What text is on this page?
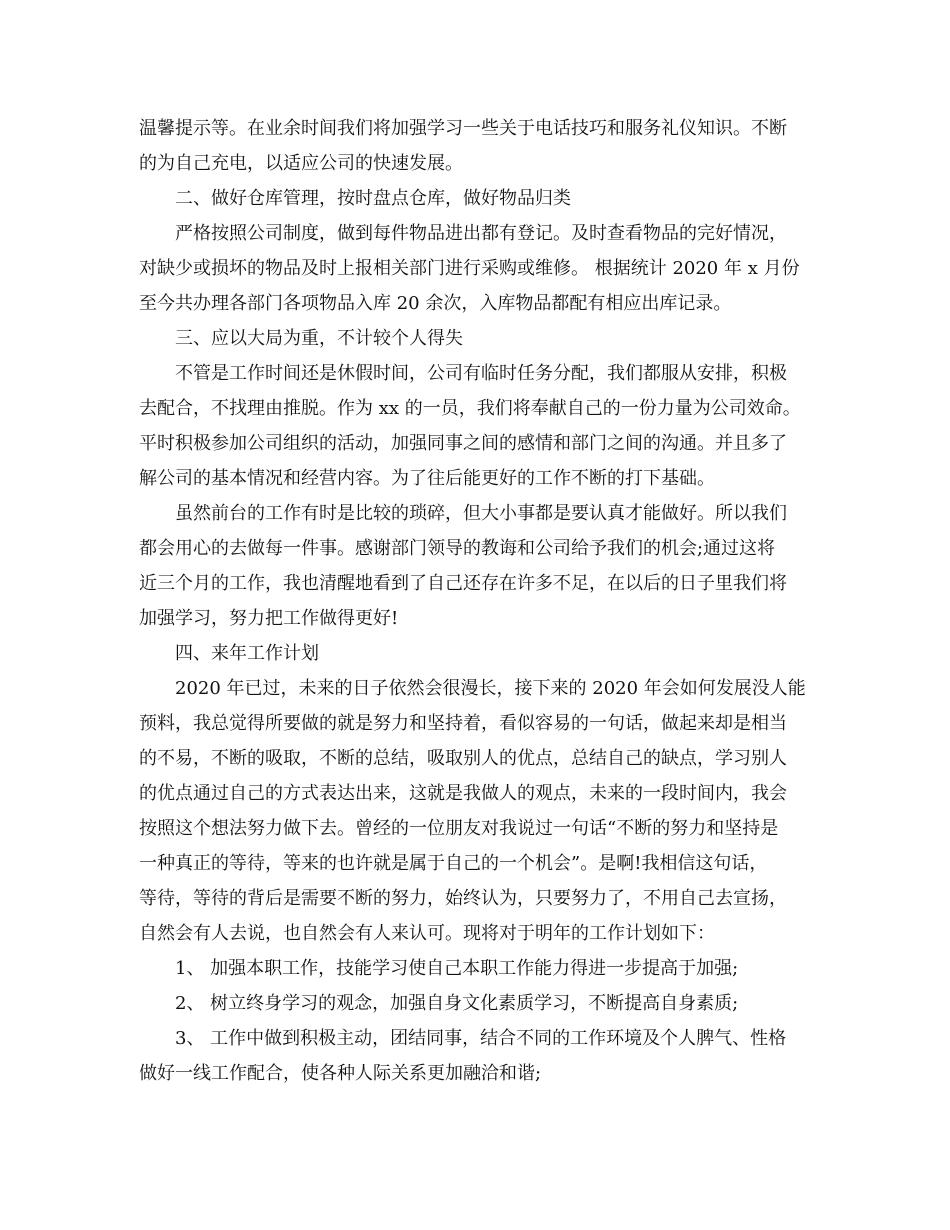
温馨提示等。在业余时间我们将加强学习一些关于电话技巧和服务礼仪知识。不断
的为自己充电，以适应公司的快速发展。
二、做好仓库管理，按时盘点仓库，做好物品归类
严格按照公司制度，做到每件物品进出都有登记。及时查看物品的完好情况，
对缺少或损坏的物品及时上报相关部门进行采购或维修。 根据统计 2020 年 x 月份
至今共办理各部门各项物品入库 20 余次，入库物品都配有相应出库记录。
三、应以大局为重，不计较个人得失
不管是工作时间还是休假时间，公司有临时任务分配，我们都服从安排，积极
去配合，不找理由推脱。作为 xx 的一员，我们将奉献自己的一份力量为公司效命。
平时积极参加公司组织的活动，加强同事之间的感情和部门之间的沟通。并且多了
解公司的基本情况和经营内容。为了往后能更好的工作不断的打下基础。
虽然前台的工作有时是比较的琐碎，但大小事都是要认真才能做好。所以我们
都会用心的去做每一件事。感谢部门领导的教诲和公司给予我们的机会;通过这将
近三个月的工作，我也清醒地看到了自己还存在许多不足，在以后的日子里我们将
加强学习，努力把工作做得更好!
四、来年工作计划
2020 年已过，未来的日子依然会很漫长，接下来的 2020 年会如何发展没人能
预料，我总觉得所要做的就是努力和坚持着，看似容易的一句话，做起来却是相当
的不易，不断的吸取，不断的总结，吸取别人的优点，总结自己的缺点，学习别人
的优点通过自己的方式表达出来，这就是我做人的观点，未来的一段时间内，我会
按照这个想法努力做下去。曾经的一位朋友对我说过一句话“不断的努力和坚持是
一种真正的等待，等来的也许就是属于自己的一个机会”。是啊!我相信这句话，
等待，等待的背后是需要不断的努力，始终认为，只要努力了，不用自己去宣扬，
自然会有人去说，也自然会有人来认可。现将对于明年的工作计划如下：
1、 加强本职工作，技能学习使自己本职工作能力得进一步提高于加强;
2、 树立终身学习的观念，加强自身文化素质学习，不断提高自身素质;
3、 工作中做到积极主动，团结同事，结合不同的工作环境及个人脾气、性格
做好一线工作配合，使各种人际关系更加融洽和谐;
